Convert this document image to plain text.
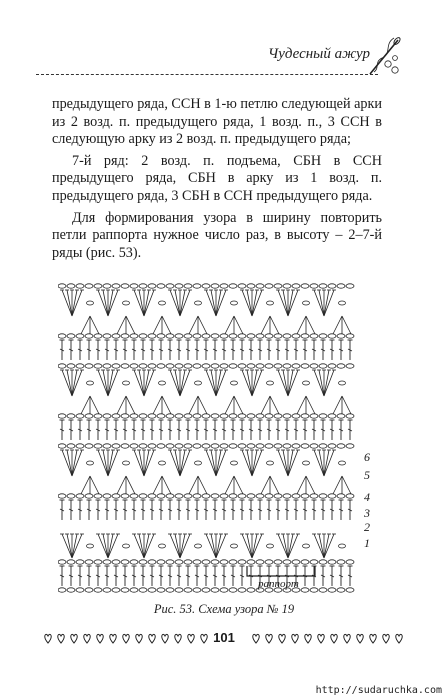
Чудесный ажур

предыдущего ряда, ССН в 1-ю петлю следующей арки из 2 возд. п. предыдущего ряда, 1 возд. п., 3 ССН в следующую арку из 2 возд. п. предыдущего ряда;

7-й ряд: 2 возд. п. подъема, СБН в ССН предыдущего ряда, СБН в арку из 1 возд. п. предыдущего ряда, 3 СБН в ССН предыдущего ряда.

Для формирования узора в ширину повторить петли раппорта нужное число раз, в высоту – 2–7-й ряды (рис. 53).

6
5
4
3
2
1
раппорт
Рис. 53. Схема узора № 19
101
http://sudaruchka.com
